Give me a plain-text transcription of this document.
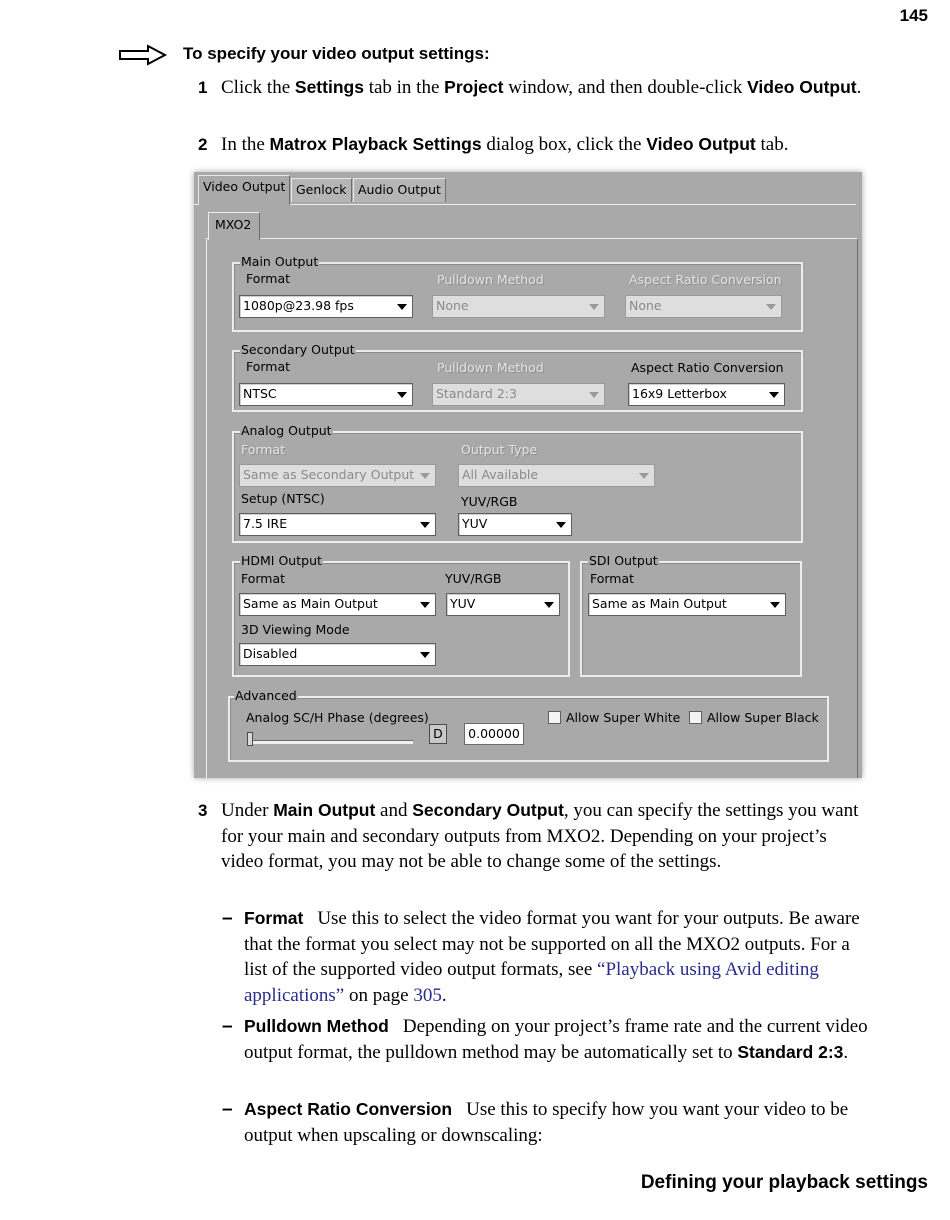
145
To specify your video output settings:
1 Click the Settings tab in the Project window, and then double-click Video Output.
2 In the Matrox Playback Settings dialog box, click the Video Output tab.
Video Output Genlock Audio Output
MXO2
Main Output
Format	Pulldown Method	Aspect Ratio Conversion
1080p@23.98 fps	None	None
Secondary Output
Format	Pulldown Method	Aspect Ratio Conversion
NTSC	Standard 2:3	16x9 Letterbox
Analog Output
Format	Output Type
Same as Secondary Output	All Available
Setup (NTSC)	YUV/RGB
7.5 IRE	YUV
HDMI Output
Format	YUV/RGB
Same as Main Output	YUV
3D Viewing Mode
Disabled
SDI Output
Format
Same as Main Output
Advanced
Analog SC/H Phase (degrees)
D	0.00000
Allow Super White Allow Super Black
3 Under Main Output and Secondary Output, you can specify the settings you want for your main and secondary outputs from MXO2. Depending on your project’s video format, you may not be able to change some of the settings.
– Format Use this to select the video format you want for your outputs. Be aware that the format you select may not be supported on all the MXO2 outputs. For a list of the supported video output formats, see “Playback using Avid editing applications” on page 305.
– Pulldown Method Depending on your project’s frame rate and the current video output format, the pulldown method may be automatically set to Standard 2:3.
– Aspect Ratio Conversion Use this to specify how you want your video to be output when upscaling or downscaling:
Defining your playback settings
